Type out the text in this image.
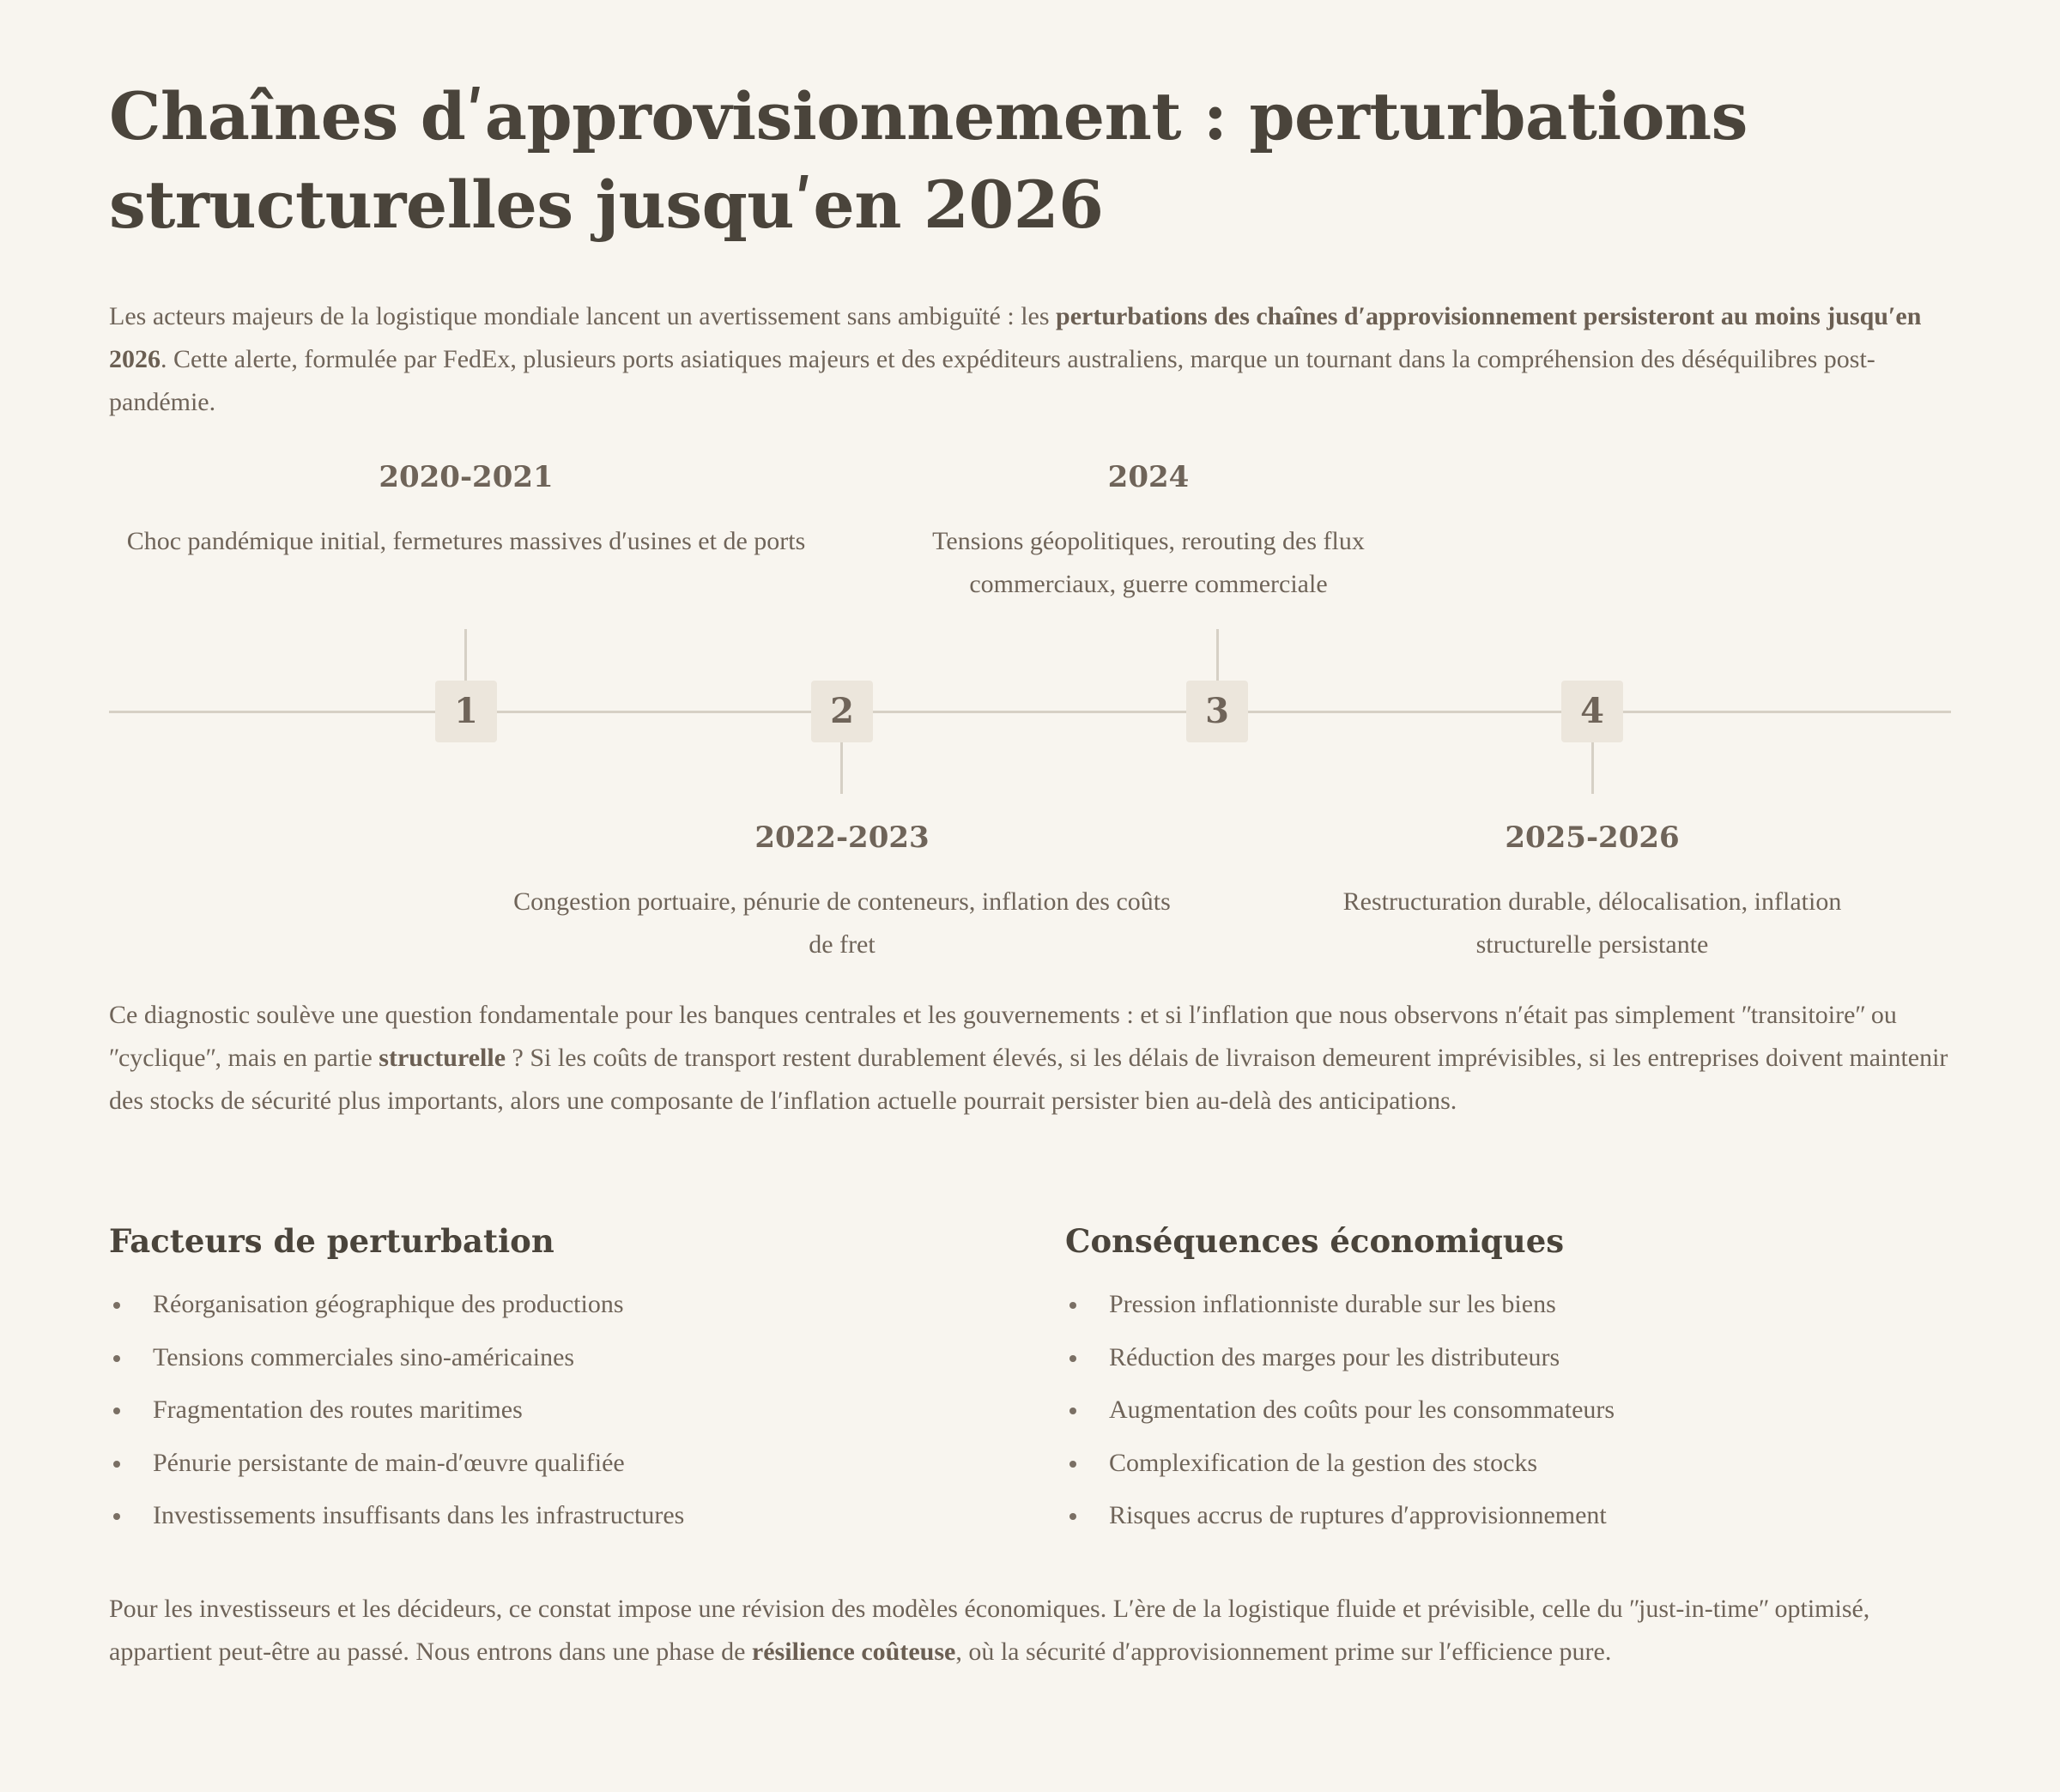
Chaînes dʹapprovisionnement : perturbations structurelles jusquʹen 2026

Les acteurs majeurs de la logistique mondiale lancent un avertissement sans ambiguïté : les perturbations des chaînes dʹapprovisionnement persisteront au moins jusquʹen 2026. Cette alerte, formulée par FedEx, plusieurs ports asiatiques majeurs et des expéditeurs australiens, marque un tournant dans la compréhension des déséquilibres post-pandémie.

2020-2021
Choc pandémique initial, fermetures massives dʹusines et de ports
1	2
2022-2023
Congestion portuaire, pénurie de conteneurs, inflation des coûts de fret
2024
Tensions géopolitiques, rerouting des flux commerciaux, guerre commerciale
3	4
2025-2026
Restructuration durable, délocalisation, inflation structurelle persistante

Ce diagnostic soulève une question fondamentale pour les banques centrales et les gouvernements : et si lʹinflation que nous observons nʹétait pas simplement ʺtransitoireʺ ou ʺcycliqueʺ, mais en partie structurelle ? Si les coûts de transport restent durablement élevés, si les délais de livraison demeurent imprévisibles, si les entreprises doivent maintenir des stocks de sécurité plus importants, alors une composante de lʹinflation actuelle pourrait persister bien au-delà des anticipations.

Facteurs de perturbation
Réorganisation géographique des productions
Tensions commerciales sino-américaines
Fragmentation des routes maritimes
Pénurie persistante de main-dʹœuvre qualifiée
Investissements insuffisants dans les infrastructures
Conséquences économiques
Pression inflationniste durable sur les biens
Réduction des marges pour les distributeurs
Augmentation des coûts pour les consommateurs
Complexification de la gestion des stocks
Risques accrus de ruptures dʹapprovisionnement

Pour les investisseurs et les décideurs, ce constat impose une révision des modèles économiques. Lʹère de la logistique fluide et prévisible, celle du ʺjust-in-timeʺ optimisé, appartient peut-être au passé. Nous entrons dans une phase de résilience coûteuse, où la sécurité dʹapprovisionnement prime sur lʹefficience pure.
